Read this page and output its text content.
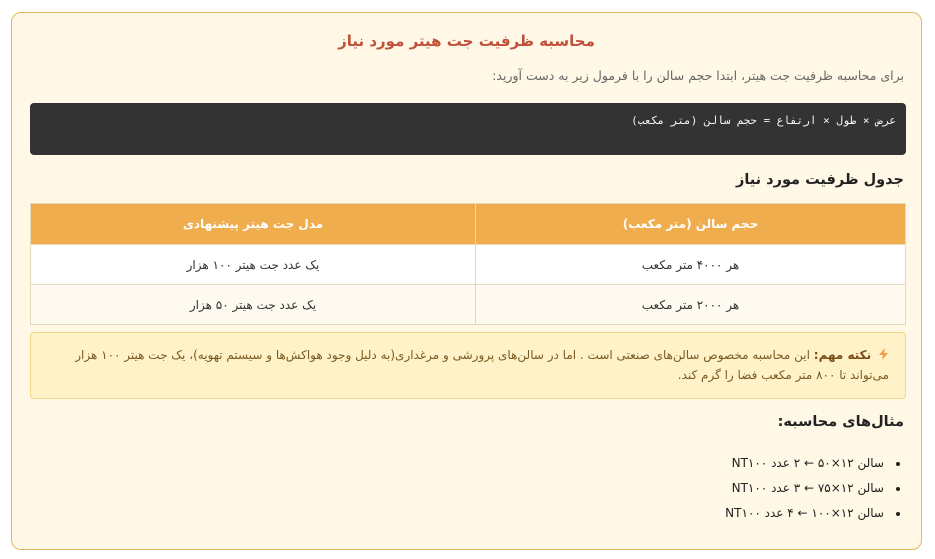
محاسبه ظرفیت جت هیتر مورد نیاز
برای محاسبه ظرفیت جت هیتر، ابتدا حجم سالن را با فرمول زیر به دست آورید:
عرض × طول × ارتفاع = حجم سالن (متر مکعب)
جدول ظرفیت مورد نیاز
حجم سالن (متر مکعب)	مدل جت هیتر پیشنهادی
هر ۴۰۰۰ متر مکعب	یک عدد جت هیتر ۱۰۰ هزار
هر ۲۰۰۰ متر مکعب	یک عدد جت هیتر ۵۰ هزار
نکته مهم: این محاسبه مخصوص سالن‌های صنعتی است . اما در سالن‌های پرورشی و مرغداری(به دلیل وجود هواکش‌ها و سیستم تهویه)، یک جت هیتر ۱۰۰ هزار می‌تواند تا ۸۰۰ متر مکعب فضا را گرم کند.
مثال‌های محاسبه:
• سالن ۱۲×۵۰ ← ۲ عدد NT۱۰۰
• سالن ۱۲×۷۵ ← ۳ عدد NT۱۰۰
• سالن ۱۲×۱۰۰ ← ۴ عدد NT۱۰۰
